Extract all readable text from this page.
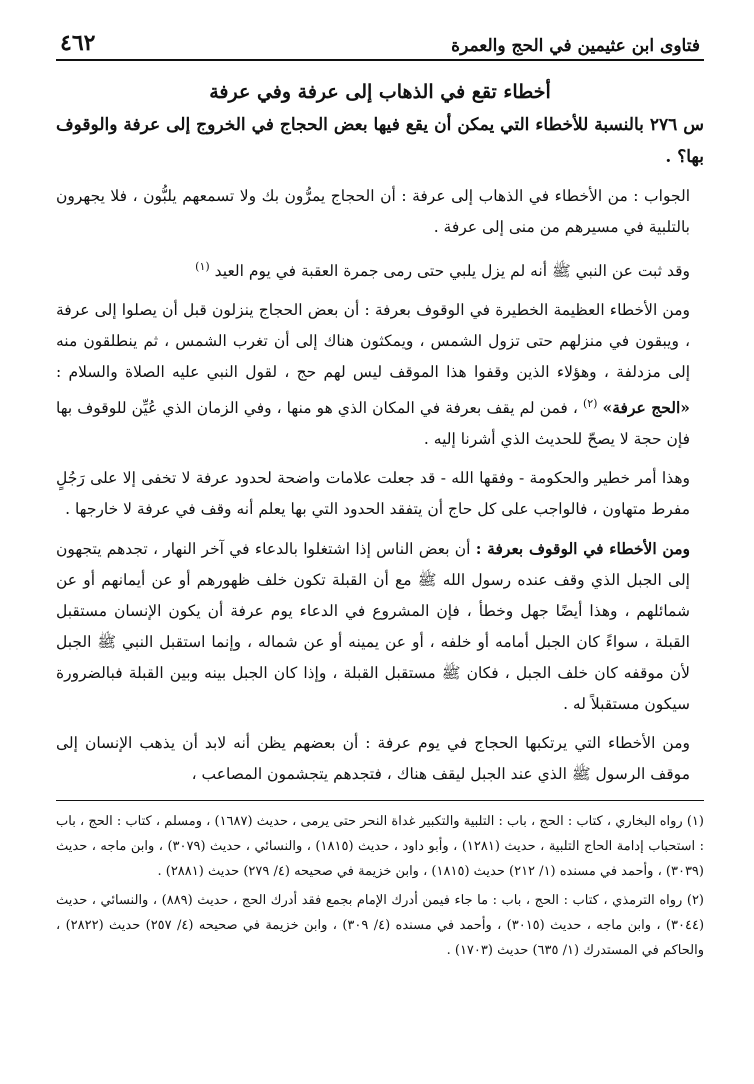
فتاوى ابن عثيمين في الحج والعمرة
٤٦٢
أخطاء تقع في الذهاب إلى عرفة وفي عرفة
س ٢٧٦ بالنسبة للأخطاء التي يمكن أن يقع فيها بعض الحجاج في الخروج إلى عرفة والوقوف بها؟ .

الجواب : من الأخطاء في الذهاب إلى عرفة : أن الحجاج يمرُّون بك ولا تسمعهم يلبُّون ، فلا يجهرون بالتلبية في مسيرهم من منى إلى عرفة .

وقد ثبت عن النبي ﷺ أنه لم يزل يلبي حتى رمى جمرة العقبة في يوم العيد $^{(١)}$

ومن الأخطاء العظيمة الخطيرة في الوقوف بعرفة : أن بعض الحجاج ينزلون قبل أن يصلوا إلى عرفة ، ويبقون في منزلهم حتى تزول الشمس ، ويمكثون هناك إلى أن تغرب الشمس ، ثم ينطلقون منه إلى مزدلفة ، وهؤلاء الذين وقفوا هذا الموقف ليس لهم حج ، لقول النبي عليه الصلاة والسلام : «الحج عرفة» $^{(٢)}$ ، فمن لم يقف بعرفة في المكان الذي هو منها ، وفي الزمان الذي عُيِّن للوقوف بها فإن حجة لا يصحّ للحديث الذي أشرنا إليه .

وهذا أمر خطير والحكومة - وفقها الله - قد جعلت علامات واضحة لحدود عرفة لا تخفى إلا على رَجُلٍ مفرط متهاون ، فالواجب على كل حاج أن يتفقد الحدود التي بها يعلم أنه وقف في عرفة لا خارجها .

ومن الأخطاء في الوقوف بعرفة : أن بعض الناس إذا اشتغلوا بالدعاء في آخر النهار ، تجدهم يتجهون إلى الجبل الذي وقف عنده رسول الله ﷺ مع أن القبلة تكون خلف ظهورهم أو عن أيمانهم أو عن شمائلهم ، وهذا أيضًا جهل وخطأ ، فإن المشروع في الدعاء يوم عرفة أن يكون الإنسان مستقبل القبلة ، سواءً كان الجبل أمامه أو خلفه ، أو عن يمينه أو عن شماله ، وإنما استقبل النبي ﷺ الجبل لأن موقفه كان خلف الجبل ، فكان ﷺ مستقبل القبلة ، وإذا كان الجبل بينه وبين القبلة فبالضرورة سيكون مستقبلاً له .

ومن الأخطاء التي يرتكبها الحجاج في يوم عرفة : أن بعضهم يظن أنه لابد أن يذهب الإنسان إلى موقف الرسول ﷺ الذي عند الجبل ليقف هناك ، فتجدهم يتجشمون المصاعب ،

(١) رواه البخاري ، كتاب : الحج ، باب : التلبية والتكبير غداة النحر حتى يرمى ، حديث (١٦٨٧) ، ومسلم ، كتاب : الحج ، باب : استحباب إدامة الحاج التلبية ، حديث (١٢٨١) ، وأبو داود ، حديث (١٨١٥) ، والنسائي ، حديث (٣٠٧٩) ، وابن ماجه ، حديث (٣٠٣٩) ، وأحمد في مسنده (١/ ٢١٢) حديث (١٨١٥) ، وابن خزيمة في صحيحه (٤/ ٢٧٩) حديث (٢٨٨١) .

(٢) رواه الترمذي ، كتاب : الحج ، باب : ما جاء فيمن أدرك الإمام بجمع فقد أدرك الحج ، حديث (٨٨٩) ، والنسائي ، حديث (٣٠٤٤) ، وابن ماجه ، حديث (٣٠١٥) ، وأحمد في مسنده (٤/ ٣٠٩) ، وابن خزيمة في صحيحه (٤/ ٢٥٧) حديث (٢٨٢٢) ، والحاكم في المستدرك (١/ ٦٣٥) حديث (١٧٠٣) .
